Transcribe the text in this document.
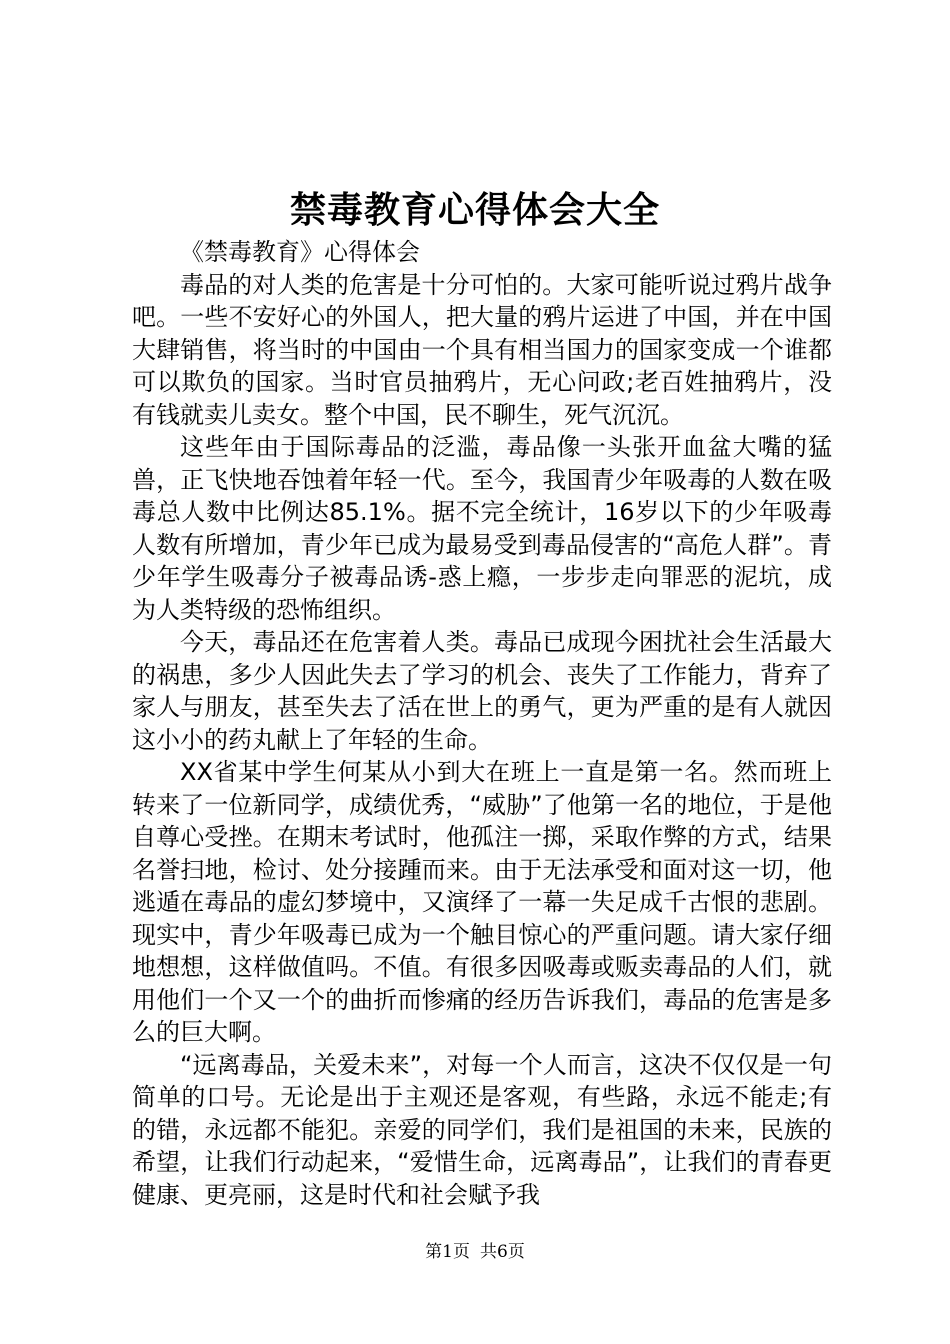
禁毒教育心得体会大全

《禁毒教育》心得体会

毒品的对人类的危害是十分可怕的。大家可能听说过鸦片战争吧。一些不安好心的外国人，把大量的鸦片运进了中国，并在中国大肆销售，将当时的中国由一个具有相当国力的国家变成一个谁都可以欺负的国家。当时官员抽鸦片，无心问政;老百姓抽鸦片，没有钱就卖儿卖女。整个中国，民不聊生，死气沉沉。

这些年由于国际毒品的泛滥，毒品像一头张开血盆大嘴的猛兽，正飞快地吞蚀着年轻一代。至今，我国青少年吸毒的人数在吸毒总人数中比例达85.1%。据不完全统计，16岁以下的少年吸毒人数有所增加，青少年已成为最易受到毒品侵害的“高危人群”。青少年学生吸毒分子被毒品诱-惑上瘾，一步步走向罪恶的泥坑，成为人类特级的恐怖组织。

今天，毒品还在危害着人类。毒品已成现今困扰社会生活最大的祸患，多少人因此失去了学习的机会、丧失了工作能力，背弃了家人与朋友，甚至失去了活在世上的勇气，更为严重的是有人就因这小小的药丸献上了年轻的生命。

XX省某中学生何某从小到大在班上一直是第一名。然而班上转来了一位新同学，成绩优秀，“威胁”了他第一名的地位，于是他自尊心受挫。在期末考试时，他孤注一掷，采取作弊的方式，结果名誉扫地，检讨、处分接踵而来。由于无法承受和面对这一切，他逃遁在毒品的虚幻梦境中，又演绎了一幕一失足成千古恨的悲剧。现实中，青少年吸毒已成为一个触目惊心的严重问题。请大家仔细地想想，这样做值吗。不值。有很多因吸毒或贩卖毒品的人们，就用他们一个又一个的曲折而惨痛的经历告诉我们，毒品的危害是多么的巨大啊。

“远离毒品，关爱未来”，对每一个人而言，这决不仅仅是一句简单的口号。无论是出于主观还是客观，有些路，永远不能走;有的错，永远都不能犯。亲爱的同学们，我们是祖国的未来，民族的希望，让我们行动起来，“爱惜生命，远离毒品”，让我们的青春更健康、更亮丽，这是时代和社会赋予我

第1页 共6页
